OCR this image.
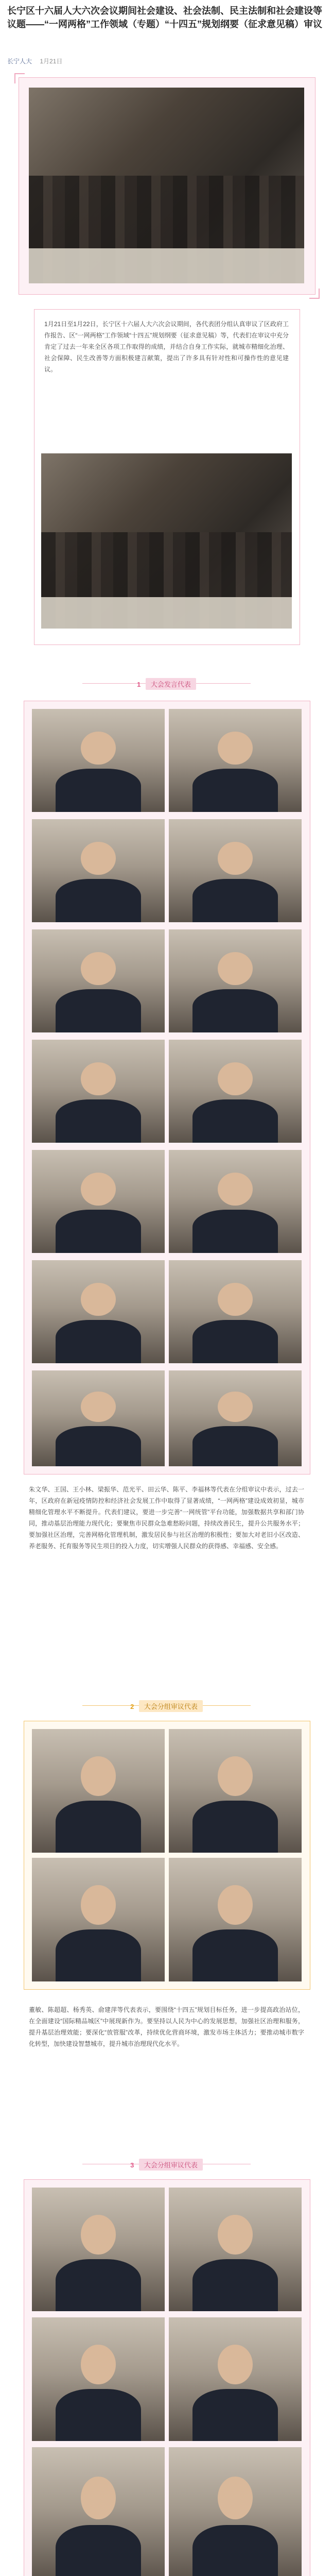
长宁区十六届人大六次会议期间社会建设、社会法制、民主法制和社会建设等议题——“一网两格”工作领域（专题）“十四五”规划纲要（征求意见稿）审议
长宁人大 1月21日
1月21日至1月22日，长宁区十六届人大六次会议期间，各代表团分组认真审议了区政府工作报告、区“一网两格”工作领域“十四五”规划纲要（征求意见稿）等，代表们在审议中充分肯定了过去一年来全区各项工作取得的成绩，并结合自身工作实际，就城市精细化治理、社会保障、民生改善等方面积极建言献策，提出了许多具有针对性和可操作性的意见建议。
1 大会发言代表
朱文华、王国、王小林、梁振华、范光平、田云华、陈平、李福林等代表在分组审议中表示，过去一年，区政府在新冠疫情防控和经济社会发展工作中取得了显著成绩，“一网两格”建设成效初显，城市精细化管理水平不断提升。代表们建议，要进一步完善“一网统管”平台功能，加强数据共享和部门协同，推动基层治理能力现代化；要聚焦市民群众急难愁盼问题，持续改善民生，提升公共服务水平；要加强社区治理，完善网格化管理机制，激发居民参与社区治理的积极性；要加大对老旧小区改造、养老服务、托育服务等民生项目的投入力度，切实增强人民群众的获得感、幸福感、安全感。
2 大会分组审议代表
董敏、陈超超、杨秀英、俞建萍等代表表示，要围绕“十四五”规划目标任务，进一步提高政治站位，在全面建设“国际精品城区”中展现新作为。要坚持以人民为中心的发展思想，加强社区治理和服务，提升基层治理效能；要深化“放管服”改革，持续优化营商环境，激发市场主体活力；要推动城市数字化转型，加快建设智慧城市，提升城市治理现代化水平。
3 大会分组审议代表
